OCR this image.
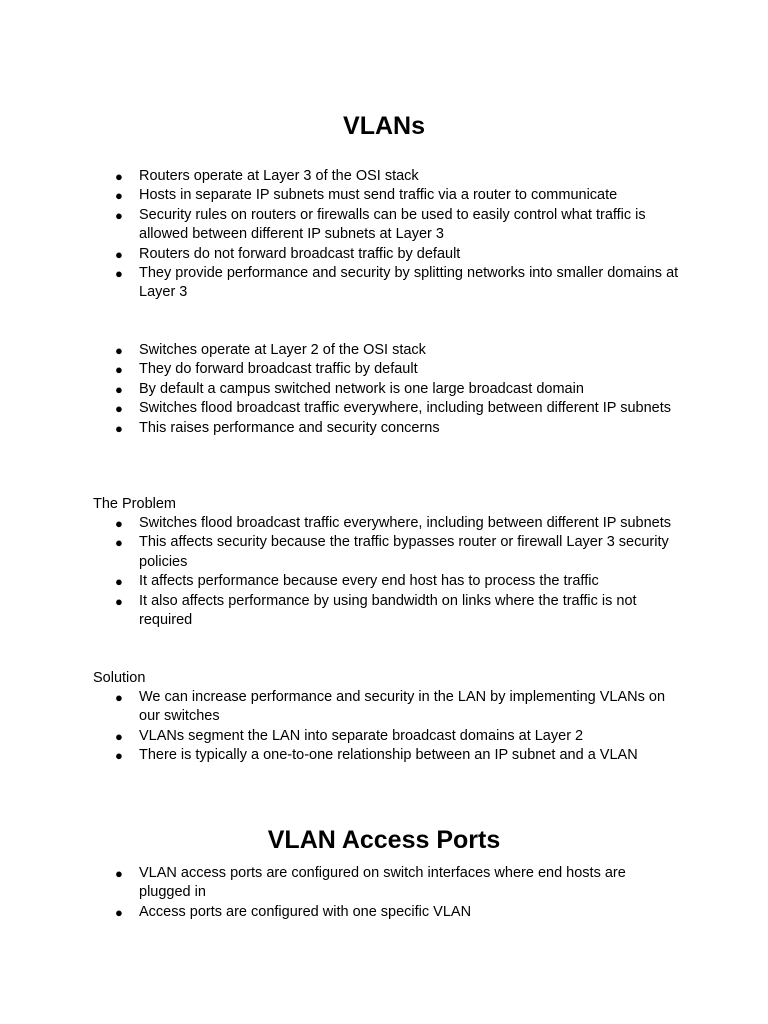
VLANs
● Routers operate at Layer 3 of the OSI stack
● Hosts in separate IP subnets must send traffic via a router to communicate
● Security rules on routers or firewalls can be used to easily control what traffic is allowed between different IP subnets at Layer 3
● Routers do not forward broadcast traffic by default
● They provide performance and security by splitting networks into smaller domains at Layer 3
● Switches operate at Layer 2 of the OSI stack
● They do forward broadcast traffic by default
● By default a campus switched network is one large broadcast domain
● Switches flood broadcast traffic everywhere, including between different IP subnets
● This raises performance and security concerns

The Problem

● Switches flood broadcast traffic everywhere, including between different IP subnets
● This affects security because the traffic bypasses router or firewall Layer 3 security policies
● It affects performance because every end host has to process the traffic
● It also affects performance by using bandwidth on links where the traffic is not required

Solution

● We can increase performance and security in the LAN by implementing VLANs on our switches
● VLANs segment the LAN into separate broadcast domains at Layer 2
● There is typically a one-to-one relationship between an IP subnet and a VLAN
VLAN Access Ports
● VLAN access ports are configured on switch interfaces where end hosts are plugged in
● Access ports are configured with one specific VLAN
